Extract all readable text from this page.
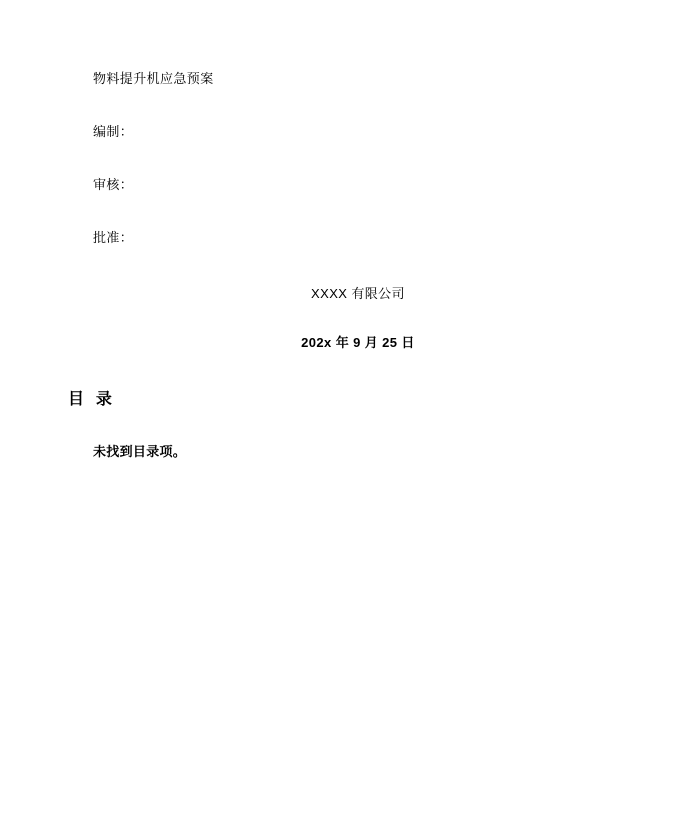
物料提升机应急预案
编制：
审核：
批准：
XXXX 有限公司
202x 年 9 月 25 日
目  录
未找到目录项。
